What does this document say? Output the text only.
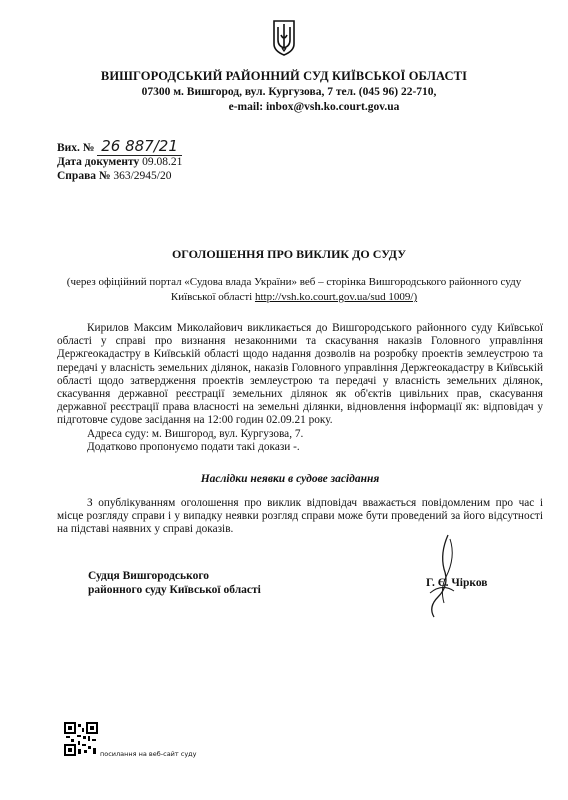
ВИШГОРОДСЬКИЙ РАЙОННИЙ СУД КИЇВСЬКОЇ ОБЛАСТІ
07300 м. Вишгород, вул. Кургузова, 7 тел. (045 96) 22-710,
e-mail: inbox@vsh.ko.court.gov.ua
Вих. № 26 887/21
Дата документу 09.08.21
Справа № 363/2945/20
ОГОЛОШЕННЯ ПРО ВИКЛИК ДО СУДУ
(через офіційний портал «Судова влада України» веб – сторінка Вишгородського районного суду
Київської області http://vsh.ko.court.gov.ua/sud 1009/)

Кирилов Максим Миколайович викликається до Вишгородського районного суду Київської області у справі про визнання незаконними та скасування наказів Головного управління Держгеокадастру в Київській області щодо надання дозволів на розробку проектів землеустрою та передачі у власність земельних ділянок, наказів Головного управління Держгеокадастру в Київській області щодо затвердження проектів землеустрою та передачі у власність земельних ділянок, скасування державної реєстрації земельних ділянок як об'єктів цивільних прав, скасування державної реєстрації права власності на земельні ділянки, відновлення інформації як: відповідач у підготовче судове засідання на 12:00 годин 02.09.21 року.

Адреса суду: м. Вишгород, вул. Кургузова, 7.

Додатково пропонуємо подати такі докази -.

Наслідки неявки в судове засідання

З опублікуванням оголошення про виклик відповідач вважається повідомленим про час і місце розгляду справи і у випадку неявки розгляд справи може бути проведений за його відсутності на підставі наявних у справі доказів.

Судця Вишгородського
районного суду Київської області
Г. Є. Чірков
посилання на веб-сайт суду
